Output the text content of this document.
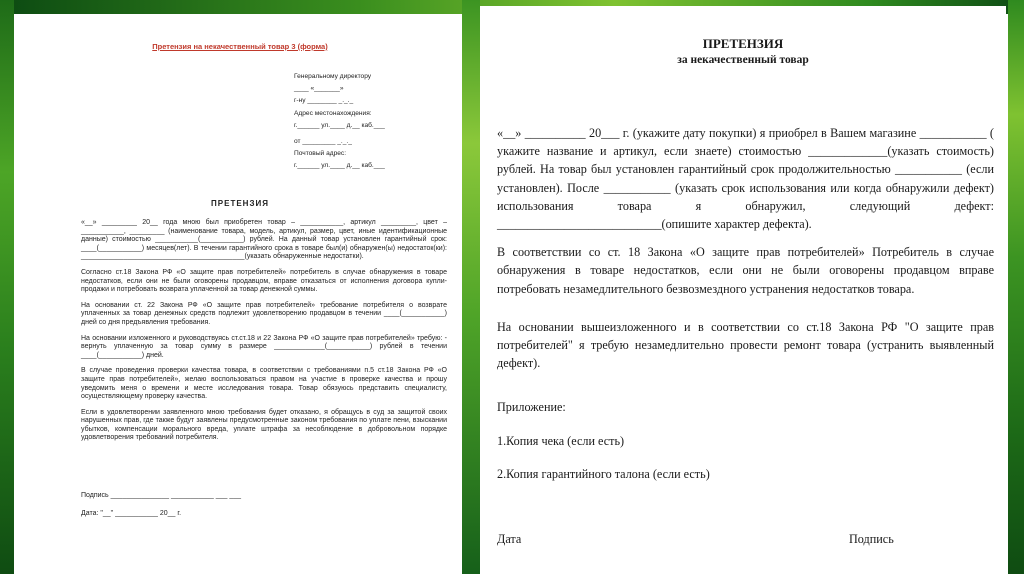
Претензия на некачественный товар 3 (форма)
Генеральному директору
____ «_______»
г-ну ________ _._._
Адрес местонахождения:
г.______ ул.____ д.__ каб.___
от _________ _._._
Почтовый адрес:
г.______ ул.____ д.__ каб.___
ПРЕТЕНЗИЯ

«__» _________ 20__ года мною был приобретен товар – ___________, артикул _________, цвет – ___________, _________ (наименование товара, модель, артикул, размер, цвет, иные идентификационные данные) стоимостью ___________(___________) рублей. На данный товар установлен гарантийный срок: ____(___________) месяцев(лет). В течении гарантийного срока в товаре был(и) обнаружен(ы) недостаток(ки): __________________________________________(указать обнаруженные недостатки).

Согласно ст.18 Закона РФ «О защите прав потребителей» потребитель в случае обнаружения в товаре недостатков, если они не были оговорены продавцом, вправе отказаться от исполнения договора купли-продажи и потребовать возврата уплаченной за товар денежной суммы.

На основании ст. 22 Закона РФ «О защите прав потребителей» требование потребителя о возврате уплаченных за товар денежных средств подлежит удовлетворению продавцом в течении ____(___________) дней со дня предъявления требования.

На основании изложенного и руководствуясь ст.ст.18 и 22 Закона РФ «О защите прав потребителей» требую: - вернуть уплаченную за товар сумму в размере _____________(___________) рублей в течении ____(___________) дней.

В случае проведения проверки качества товара, в соответствии с требованиями п.5 ст.18 Закона РФ «О защите прав потребителей», желаю воспользоваться правом на участие в проверке качества и прошу уведомить меня о времени и месте исследования товара. Товар обязуюсь представить специалисту, осуществляющему проверку качества.

Если в удовлетворении заявленного мною требования будет отказано, я обращусь в суд за защитой своих нарушенных прав, где также будут заявлены предусмотренные законом требования по уплате пени, взыскании убытков, компенсации морального вреда, уплате штрафа за несоблюдение в добровольном порядке удовлетворения требований потребителя.

Подпись _______________ ___________ ___ ___
Дата: "__" ___________ 20__ г.
ПРЕТЕНЗИЯ
за некачественный товар

«__» __________ 20___ г. (укажите дату покупки) я приобрел в Вашем магазине ___________ ( укажите название и артикул, если знаете) стоимостью _____________(указать стоимость) рублей. На товар был установлен гарантийный срок продолжительностью ___________ (если установлен). После ___________ (указать срок использования или когда обнаружили дефект) использования товара я обнаружил, следующий дефект: ___________________________(опишите характер дефекта).

В соответствии со ст. 18 Закона «О защите прав потребителей» Потребитель в случае обнаружения в товаре недостатков, если они не были оговорены продавцом вправе потребовать незамедлительного безвозмездного устранения недостатков товара.

На основании вышеизложенного и в соответствии со ст.18 Закона РФ "О защите прав потребителей" я требую незамедлительно провести ремонт товара (устранить выявленный дефект).

Приложение:
1.Копия чека (если есть)
2.Копия гарантийного талона (если есть)
Дата	Подпись
